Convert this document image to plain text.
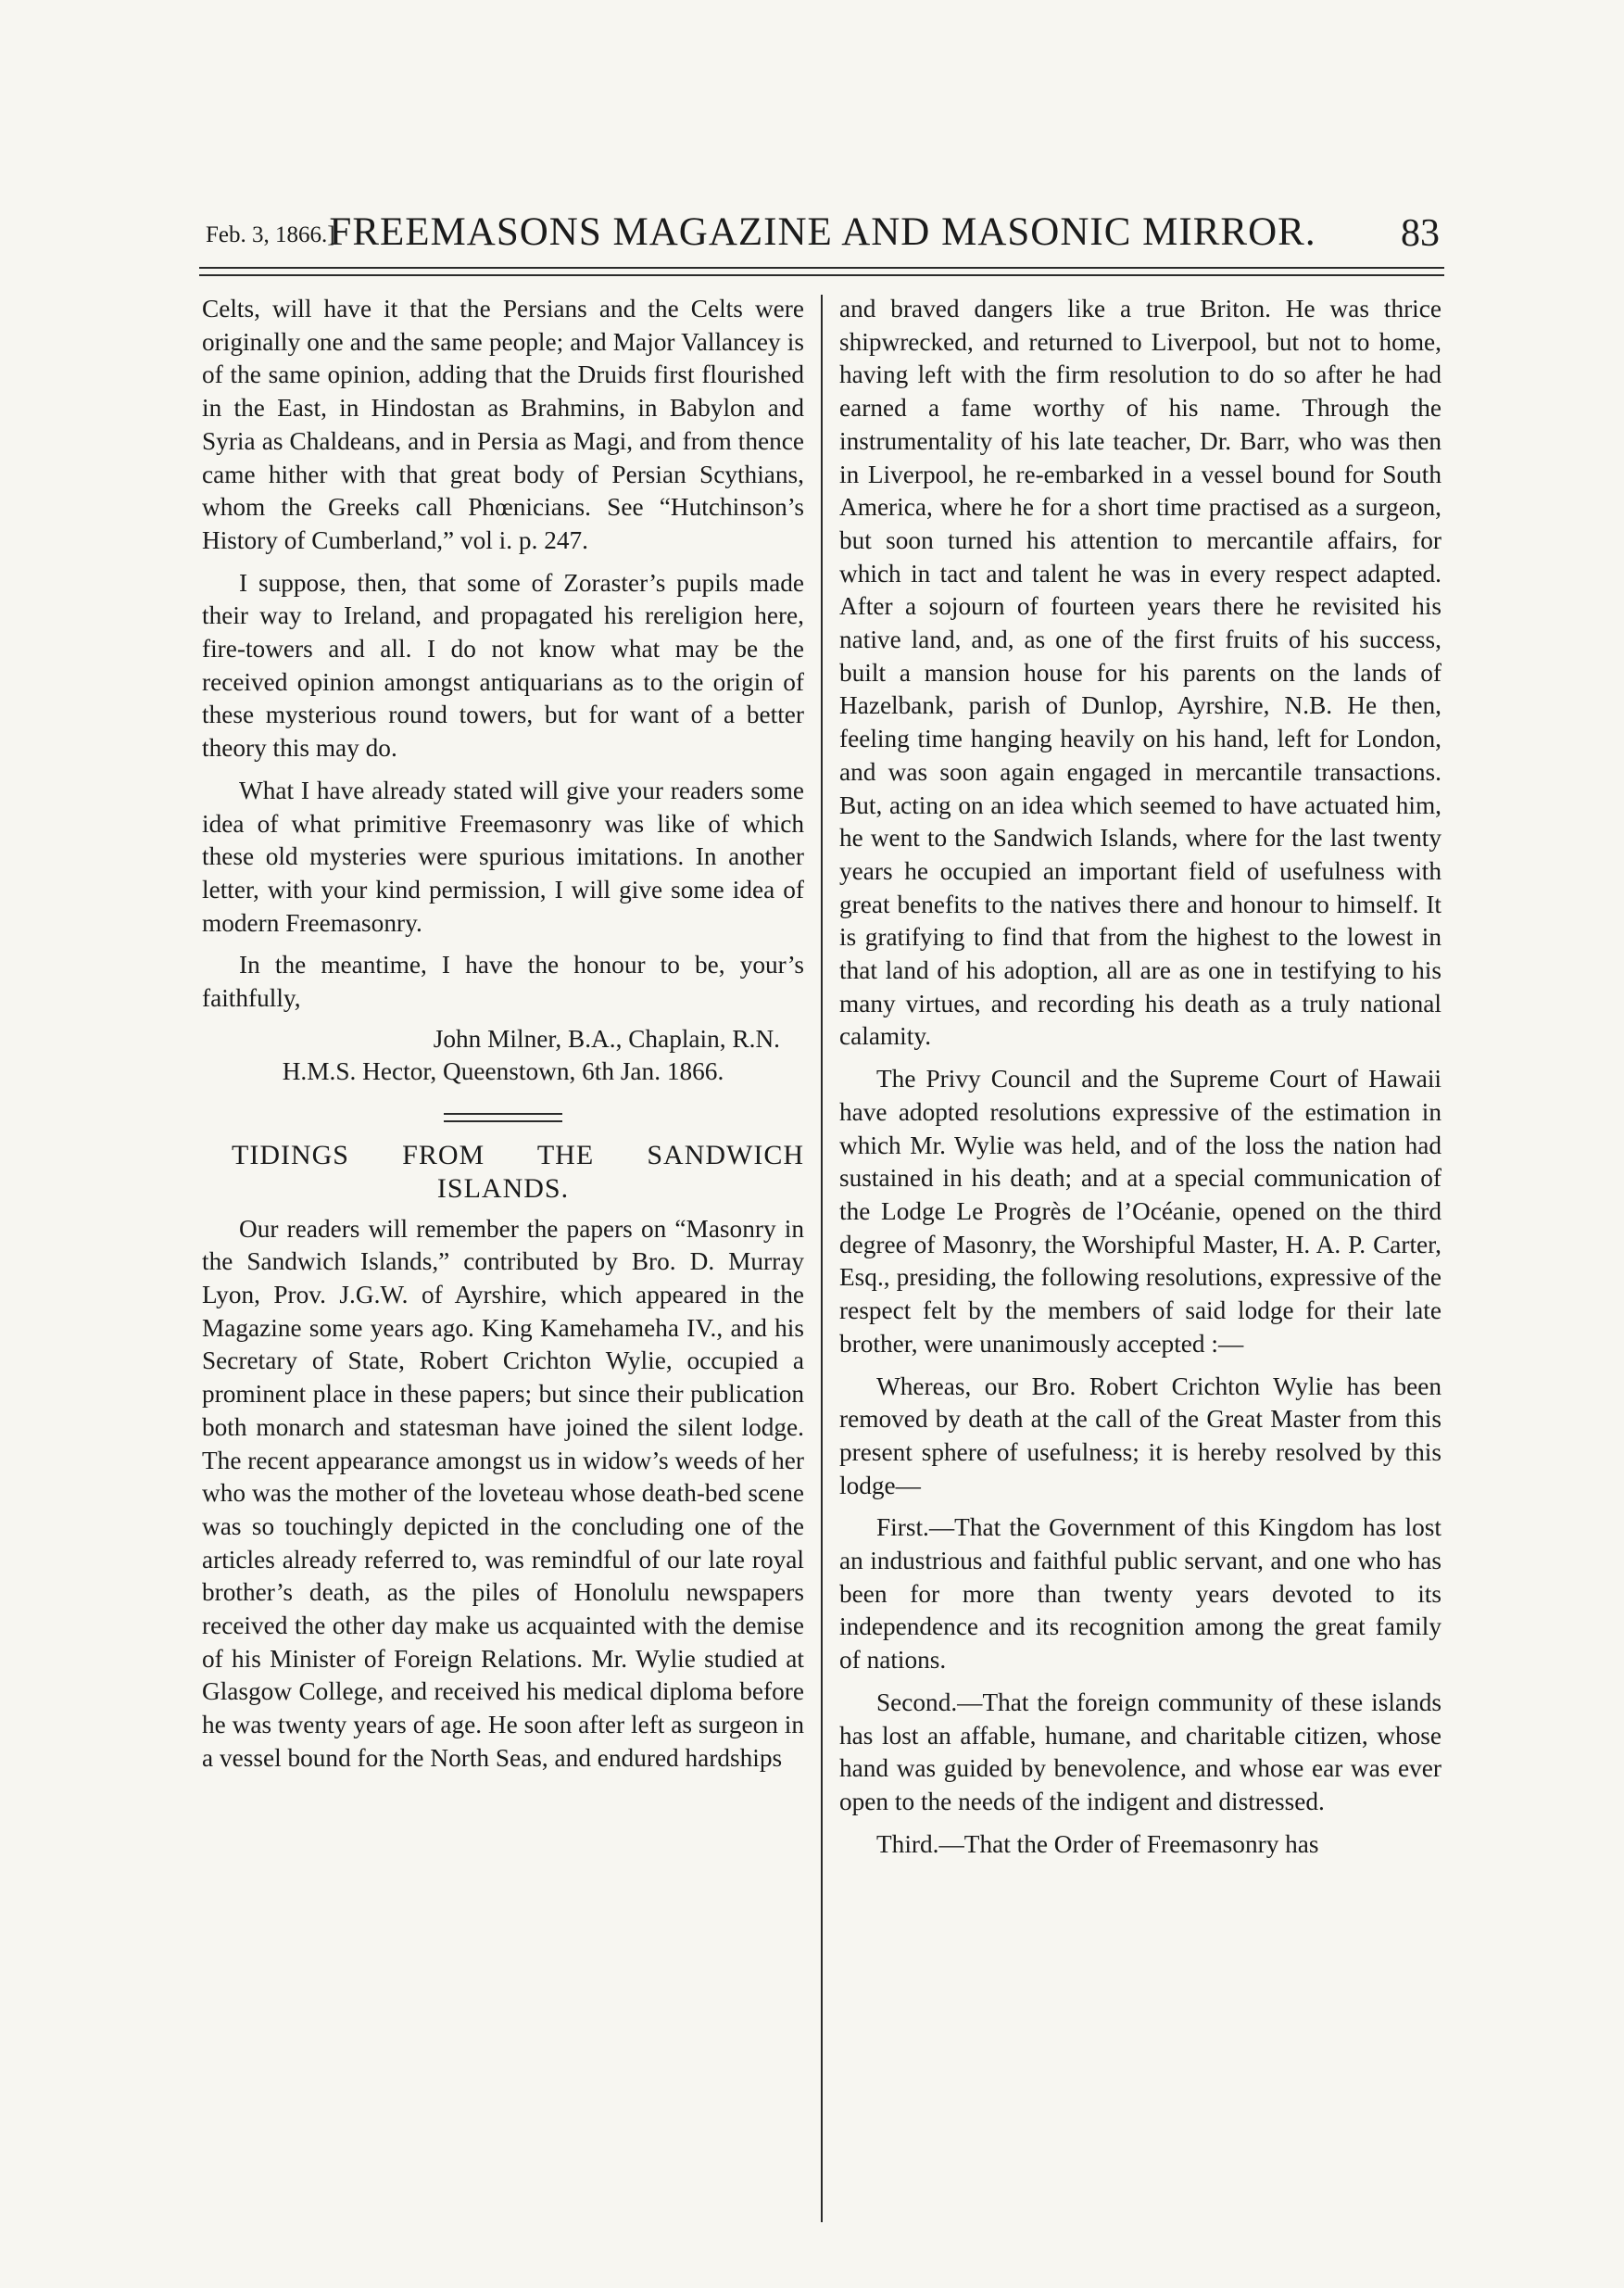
Feb. 3, 1866.]
FREEMASONS MAGAZINE AND MASONIC MIRROR.	83

Celts, will have it that the Persians and the Celts were originally one and the same people; and Major Vallancey is of the same opinion, adding that the Druids first flourished in the East, in Hindostan as Brahmins, in Babylon and Syria as Chaldeans, and in Persia as Magi, and from thence came hither with that great body of Persian Scythians, whom the Greeks call Phœnicians. See “Hutchinson’s History of Cumberland,” vol i. p. 247.

I suppose, then, that some of Zoraster’s pupils made their way to Ireland, and propagated his rereligion here, fire-towers and all. I do not know what may be the received opinion amongst antiquarians as to the origin of these mysterious round towers, but for want of a better theory this may do.

What I have already stated will give your readers some idea of what primitive Freemasonry was like of which these old mysteries were spurious imitations. In another letter, with your kind permission, I will give some idea of modern Freemasonry.

In the meantime, I have the honour to be, your’s faithfully,

John Milner, B.A., Chaplain, R.N.
H.M.S. Hector, Queenstown, 6th Jan. 1866.
TIDINGS FROM THE SANDWICH
ISLANDS.

Our readers will remember the papers on “Masonry in the Sandwich Islands,” contributed by Bro. D. Murray Lyon, Prov. J.G.W. of Ayrshire, which appeared in the Magazine some years ago. King Kamehameha IV., and his Secretary of State, Robert Crichton Wylie, occupied a prominent place in these papers; but since their publication both monarch and statesman have joined the silent lodge. The recent appearance amongst us in widow’s weeds of her who was the mother of the loveteau whose death-bed scene was so touchingly depicted in the concluding one of the articles already referred to, was remindful of our late royal brother’s death, as the piles of Honolulu newspapers received the other day make us acquainted with the demise of his Minister of Foreign Relations. Mr. Wylie studied at Glasgow College, and received his medical diploma before he was twenty years of age. He soon after left as surgeon in a vessel bound for the North Seas, and endured hardships

and braved dangers like a true Briton. He was thrice shipwrecked, and returned to Liverpool, but not to home, having left with the firm resolution to do so after he had earned a fame worthy of his name. Through the instrumentality of his late teacher, Dr. Barr, who was then in Liverpool, he re-embarked in a vessel bound for South America, where he for a short time practised as a surgeon, but soon turned his attention to mercantile affairs, for which in tact and talent he was in every respect adapted. After a sojourn of fourteen years there he revisited his native land, and, as one of the first fruits of his success, built a mansion house for his parents on the lands of Hazelbank, parish of Dunlop, Ayrshire, N.B. He then, feeling time hanging heavily on his hand, left for London, and was soon again engaged in mercantile transactions. But, acting on an idea which seemed to have actuated him, he went to the Sandwich Islands, where for the last twenty years he occupied an important field of usefulness with great benefits to the natives there and honour to himself. It is gratifying to find that from the highest to the lowest in that land of his adoption, all are as one in testifying to his many virtues, and recording his death as a truly national calamity.

The Privy Council and the Supreme Court of Hawaii have adopted resolutions expressive of the estimation in which Mr. Wylie was held, and of the loss the nation had sustained in his death; and at a special communication of the Lodge Le Progrès de l’Océanie, opened on the third degree of Masonry, the Worshipful Master, H. A. P. Carter, Esq., presiding, the following resolutions, expressive of the respect felt by the members of said lodge for their late brother, were unanimously accepted :—

Whereas, our Bro. Robert Crichton Wylie has been removed by death at the call of the Great Master from this present sphere of usefulness; it is hereby resolved by this lodge—

First.—That the Government of this Kingdom has lost an industrious and faithful public servant, and one who has been for more than twenty years devoted to its independence and its recognition among the great family of nations.

Second.—That the foreign community of these islands has lost an affable, humane, and charitable citizen, whose hand was guided by benevolence, and whose ear was ever open to the needs of the indigent and distressed.

Third.—That the Order of Freemasonry has
